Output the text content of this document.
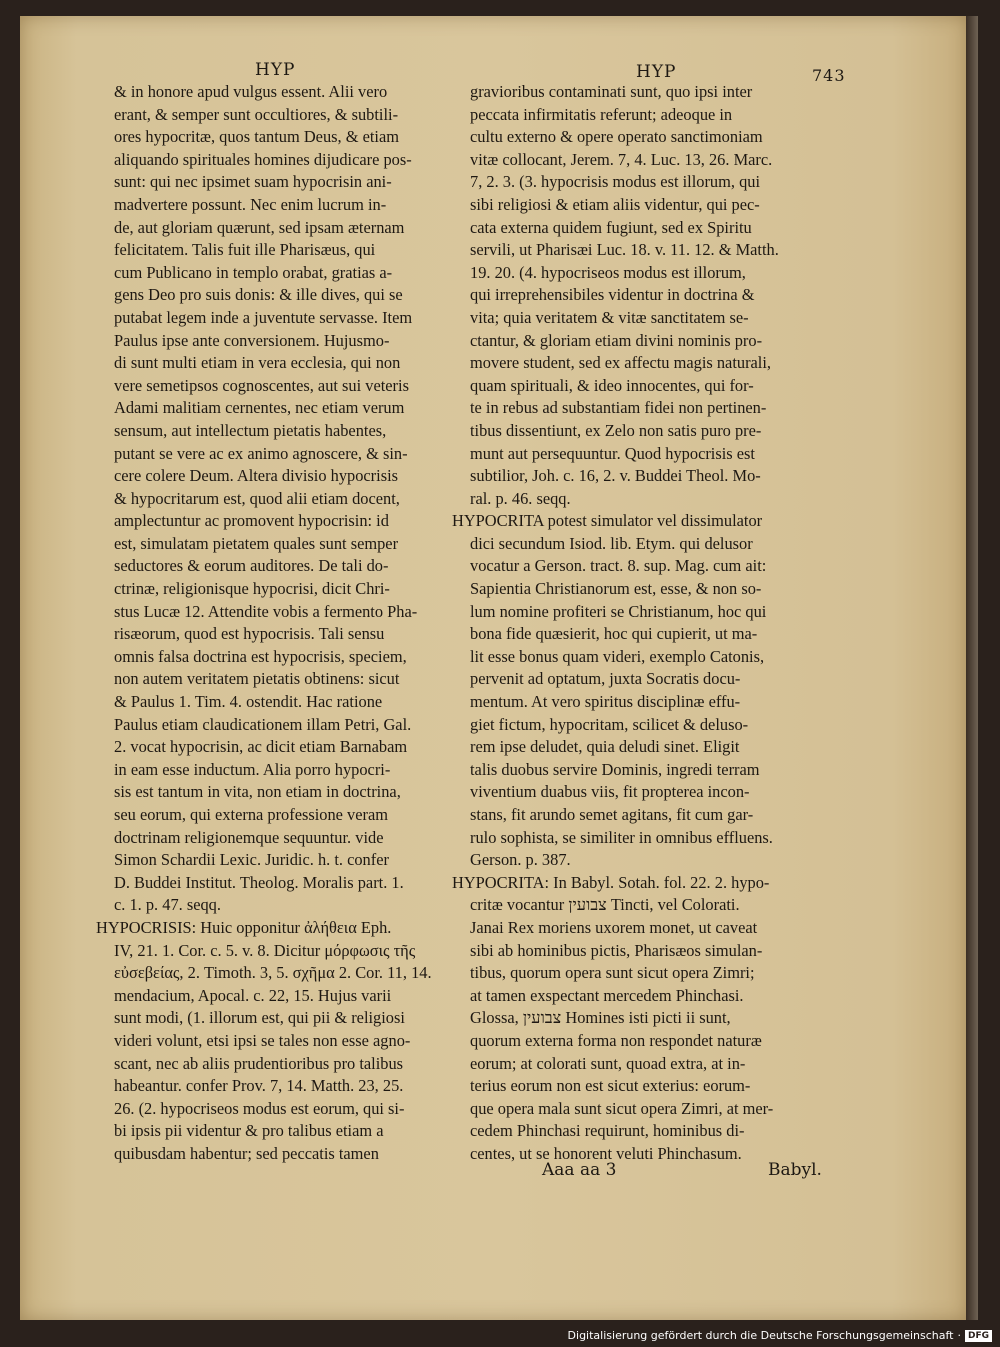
HYP	HYP	743
& in honore apud vulgus essent. Alii vero
erant, & semper sunt occultiores, & subtili-
ores hypocritæ, quos tantum Deus, & etiam
aliquando spirituales homines dijudicare pos-
sunt: qui nec ipsimet suam hypocrisin ani-
madvertere possunt. Nec enim lucrum in-
de, aut gloriam quærunt, sed ipsam æternam
felicitatem. Talis fuit ille Pharisæus, qui
cum Publicano in templo orabat, gratias a-
gens Deo pro suis donis: & ille dives, qui se
putabat legem inde a juventute servasse. Item
Paulus ipse ante conversionem. Hujusmo-
di sunt multi etiam in vera ecclesia, qui non
vere semetipsos cognoscentes, aut sui veteris
Adami malitiam cernentes, nec etiam verum
sensum, aut intellectum pietatis habentes,
putant se vere ac ex animo agnoscere, & sin-
cere colere Deum. Altera divisio hypocrisis
& hypocritarum est, quod alii etiam docent,
amplectuntur ac promovent hypocrisin: id
est, simulatam pietatem quales sunt semper
seductores & eorum auditores. De tali do-
ctrinæ, religionisque hypocrisi, dicit Chri-
stus Lucæ 12. Attendite vobis a fermento Pha-
risæorum, quod est hypocrisis. Tali sensu
omnis falsa doctrina est hypocrisis, speciem,
non autem veritatem pietatis obtinens: sicut
& Paulus 1. Tim. 4. ostendit. Hac ratione
Paulus etiam claudicationem illam Petri, Gal.
2. vocat hypocrisin, ac dicit etiam Barnabam
in eam esse inductum. Alia porro hypocri-
sis est tantum in vita, non etiam in doctrina,
seu eorum, qui externa professione veram
doctrinam religionemque sequuntur. vide
Simon Schardii Lexic. Juridic. h. t. confer
D. Buddei Institut. Theolog. Moralis part. 1.
c. 1. p. 47. seqq.
HYPOCRISIS: Huic opponitur ἀλήθεια Eph.
IV, 21. 1. Cor. c. 5. v. 8. Dicitur μόρφωσις τῆς
εὐσεβείας, 2. Timoth. 3, 5. σχῆμα 2. Cor. 11, 14.
mendacium, Apocal. c. 22, 15. Hujus varii
sunt modi, (1. illorum est, qui pii & religiosi
videri volunt, etsi ipsi se tales non esse agno-
scant, nec ab aliis prudentioribus pro talibus
habeantur. confer Prov. 7, 14. Matth. 23, 25.
26. (2. hypocriseos modus est eorum, qui si-
bi ipsis pii videntur & pro talibus etiam a
quibusdam habentur; sed peccatis tamen
gravioribus contaminati sunt, quo ipsi inter
peccata infirmitatis referunt; adeoque in
cultu externo & opere operato sanctimoniam
vitæ collocant, Jerem. 7, 4. Luc. 13, 26. Marc.
7, 2. 3. (3. hypocrisis modus est illorum, qui
sibi religiosi & etiam aliis videntur, qui pec-
cata externa quidem fugiunt, sed ex Spiritu
servili, ut Pharisæi Luc. 18. v. 11. 12. & Matth.
19. 20. (4. hypocriseos modus est illorum,
qui irreprehensibiles videntur in doctrina &
vita; quia veritatem & vitæ sanctitatem se-
ctantur, & gloriam etiam divini nominis pro-
movere student, sed ex affectu magis naturali,
quam spirituali, & ideo innocentes, qui for-
te in rebus ad substantiam fidei non pertinen-
tibus dissentiunt, ex Zelo non satis puro pre-
munt aut persequuntur. Quod hypocrisis est
subtilior, Joh. c. 16, 2. v. Buddei Theol. Mo-
ral. p. 46. seqq.
HYPOCRITA potest simulator vel dissimulator
dici secundum Isiod. lib. Etym. qui delusor
vocatur a Gerson. tract. 8. sup. Mag. cum ait:
Sapientia Christianorum est, esse, & non so-
lum nomine profiteri se Christianum, hoc qui
bona fide quæsierit, hoc qui cupierit, ut ma-
lit esse bonus quam videri, exemplo Catonis,
pervenit ad optatum, juxta Socratis docu-
mentum. At vero spiritus disciplinæ effu-
giet fictum, hypocritam, scilicet & deluso-
rem ipse deludet, quia deludi sinet. Eligit
talis duobus servire Dominis, ingredi terram
viventium duabus viis, fit propterea incon-
stans, fit arundo semet agitans, fit cum gar-
rulo sophista, se similiter in omnibus effluens.
Gerson. p. 387.
HYPOCRITA: In Babyl. Sotah. fol. 22. 2. hypo-
critæ vocantur צבועין Tincti, vel Colorati.
Janai Rex moriens uxorem monet, ut caveat
sibi ab hominibus pictis, Pharisæos simulan-
tibus, quorum opera sunt sicut opera Zimri;
at tamen exspectant mercedem Phinchasi.
Glossa, צבועין Homines isti picti ii sunt,
quorum externa forma non respondet naturæ
eorum; at colorati sunt, quoad extra, at in-
terius eorum non est sicut exterius: eorum-
que opera mala sunt sicut opera Zimri, at mer-
cedem Phinchasi requirunt, hominibus di-
centes, ut se honorent veluti Phinchasum.
Aaa aa 3	Babyl.
Digitalisierung gefördert durch die Deutsche Forschungsgemeinschaft · DFG
